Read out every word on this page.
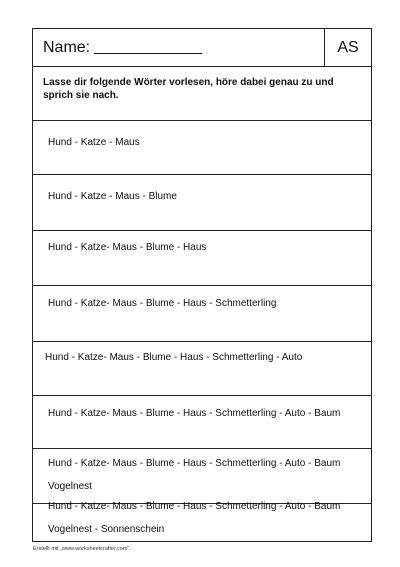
Name:	AS
Lasse dir folgende Wörter vorlesen, höre dabei genau zu und sprich sie nach.
Hund - Katze - Maus
Hund - Katze - Maus - Blume
Hund - Katze- Maus - Blume - Haus
Hund - Katze- Maus - Blume - Haus - Schmetterling
Hund - Katze- Maus - Blume - Haus - Schmetterling - Auto
Hund - Katze- Maus - Blume - Haus - Schmetterling - Auto - Baum
Hund - Katze- Maus - Blume - Haus - Schmetterling - Auto - Baum
Vogelnest
Hund - Katze- Maus - Blume - Haus - Schmetterling - Auto - Baum
Vogelnest - Sonnenschein
Erstellt mit „www.worksheetcrafter.com“.
